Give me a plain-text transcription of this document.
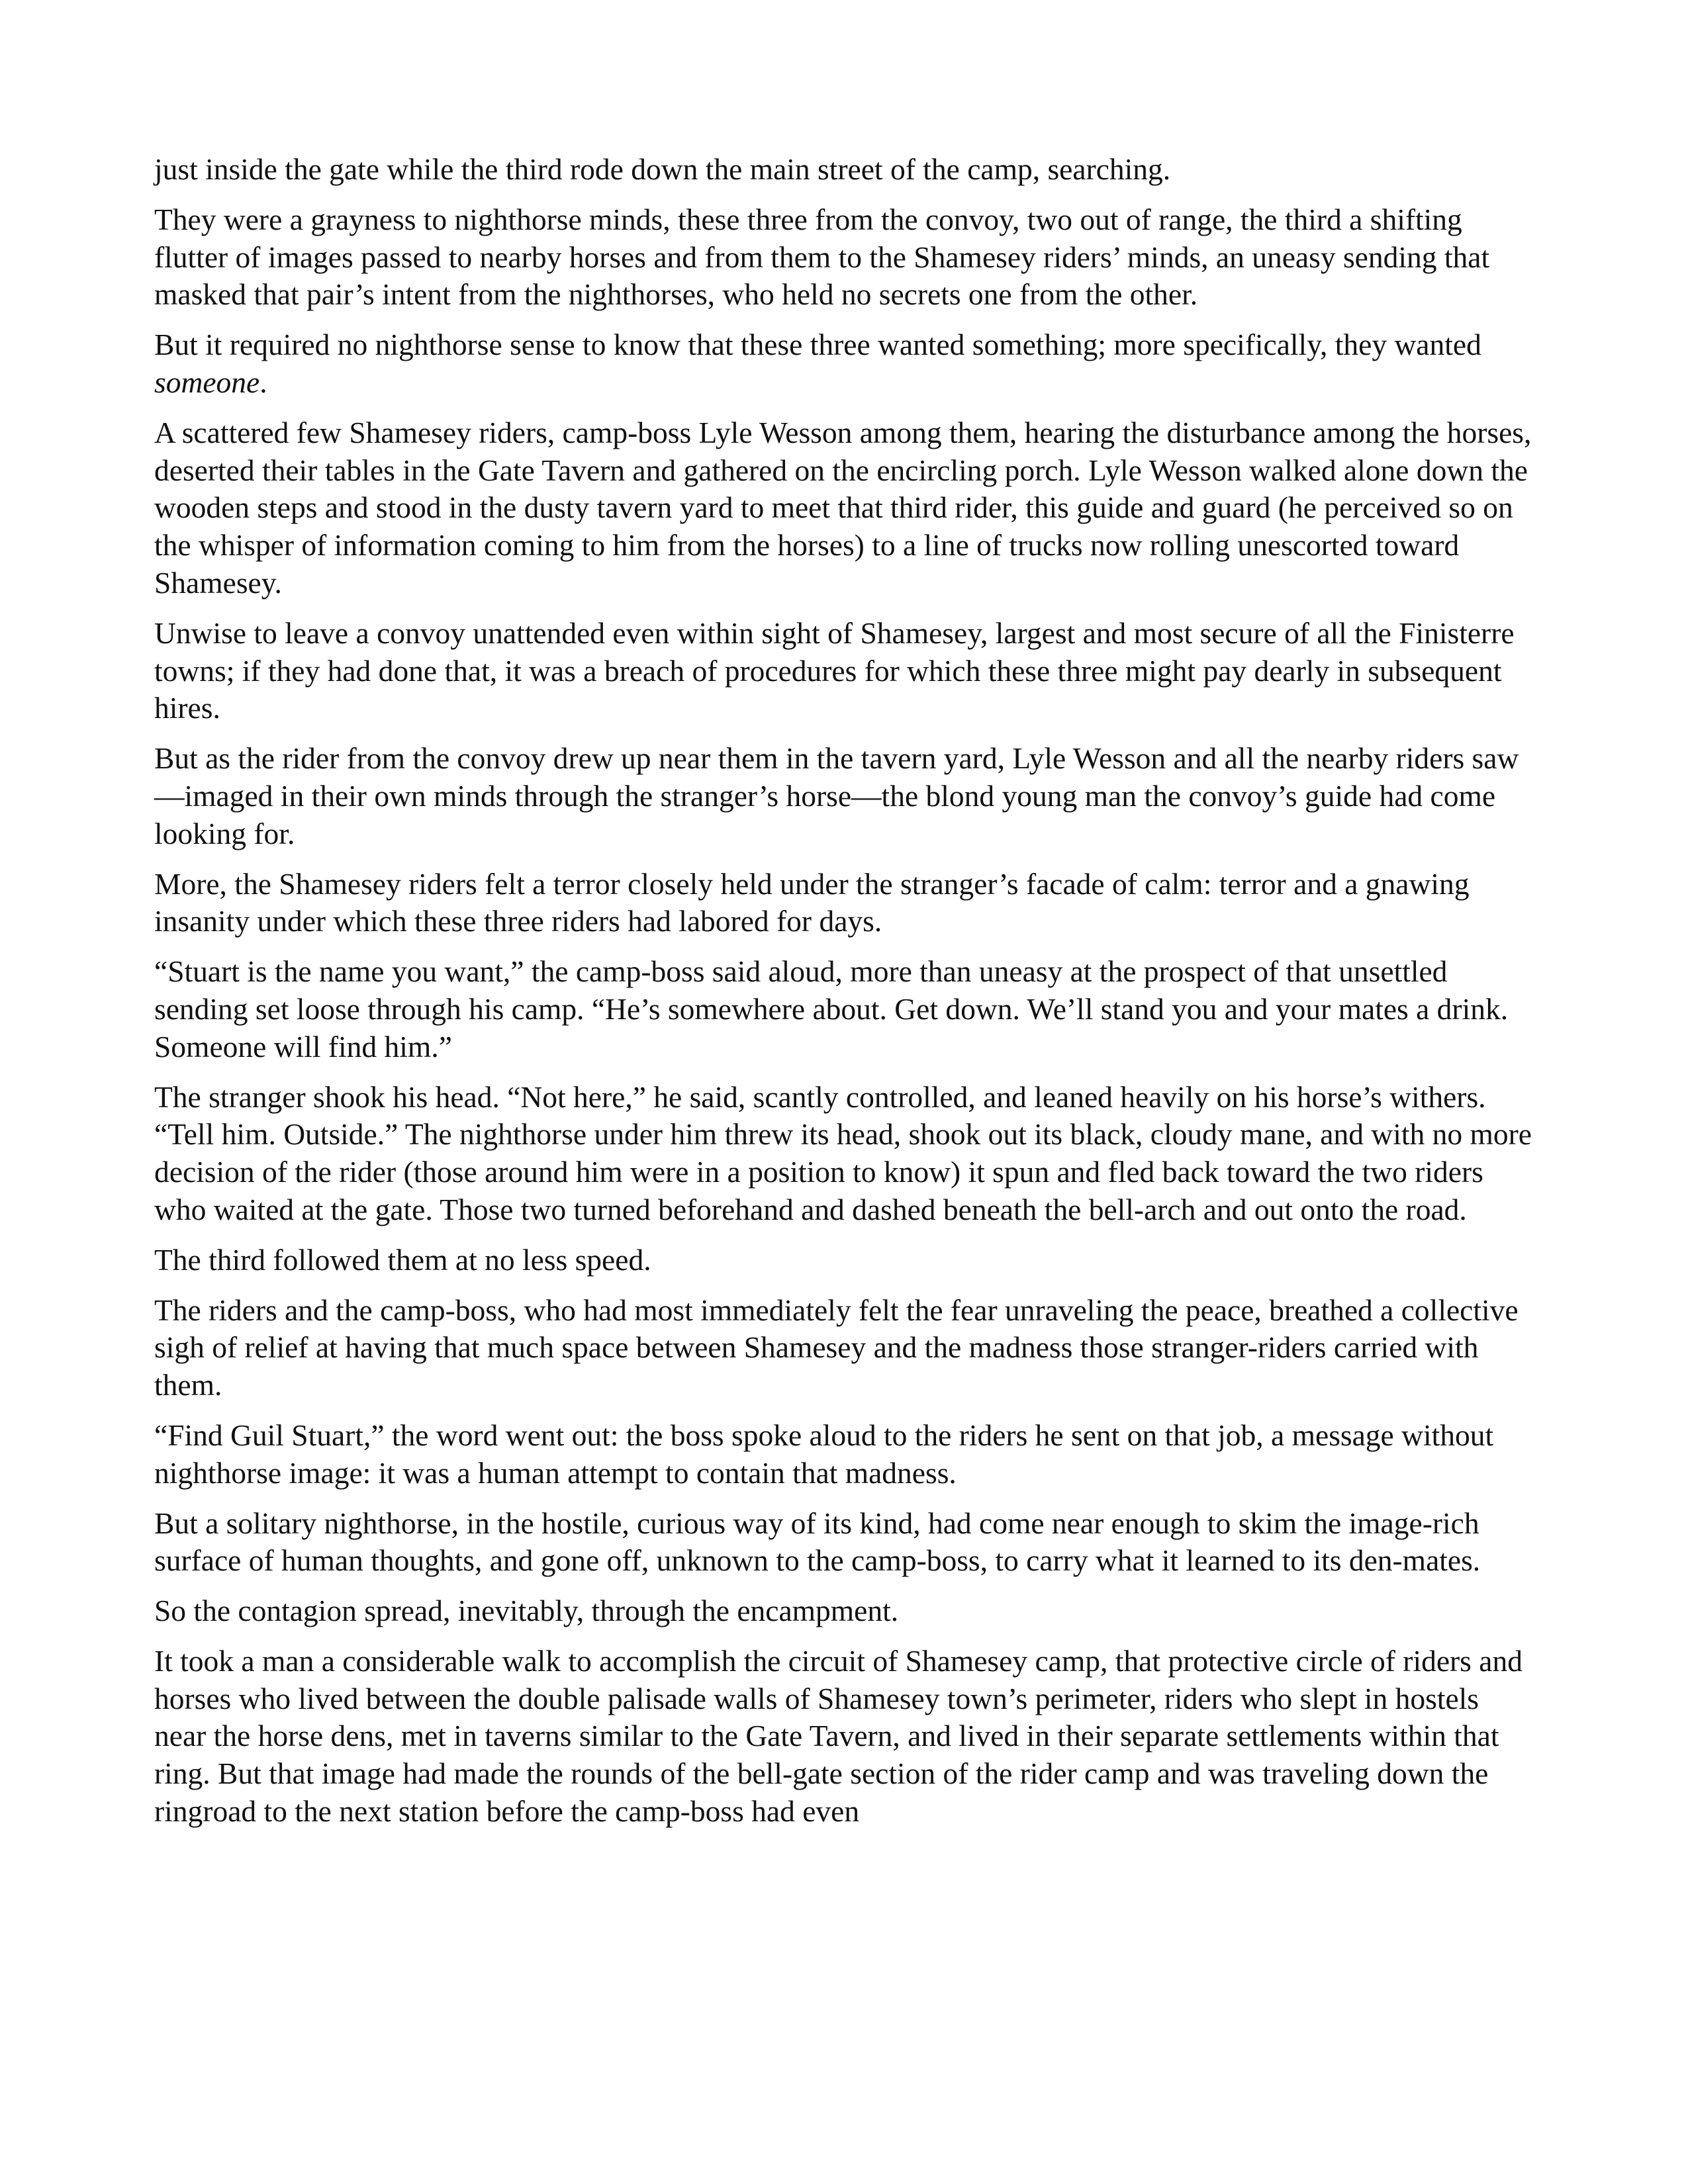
just inside the gate while the third rode down the main street of the camp, searching.

They were a grayness to nighthorse minds, these three from the convoy, two out of range, the third a shifting flutter of images passed to nearby horses and from them to the Shamesey riders’ minds, an uneasy sending that masked that pair’s intent from the nighthorses, who held no secrets one from the other.

But it required no nighthorse sense to know that these three wanted something; more specifically, they wanted someone.

A scattered few Shamesey riders, camp-boss Lyle Wesson among them, hearing the disturbance among the horses, deserted their tables in the Gate Tavern and gathered on the encircling porch. Lyle Wesson walked alone down the wooden steps and stood in the dusty tavern yard to meet that third rider, this guide and guard (he perceived so on the whisper of information coming to him from the horses) to a line of trucks now rolling unescorted toward Shamesey.

Unwise to leave a convoy unattended even within sight of Shamesey, largest and most secure of all the Finisterre towns; if they had done that, it was a breach of procedures for which these three might pay dearly in subsequent hires.

But as the rider from the convoy drew up near them in the tavern yard, Lyle Wesson and all the nearby riders saw—imaged in their own minds through the stranger’s horse—the blond young man the convoy’s guide had come looking for.

More, the Shamesey riders felt a terror closely held under the stranger’s facade of calm: terror and a gnawing insanity under which these three riders had labored for days.

“Stuart is the name you want,” the camp-boss said aloud, more than uneasy at the prospect of that unsettled sending set loose through his camp. “He’s somewhere about. Get down. We’ll stand you and your mates a drink. Someone will find him.”

The stranger shook his head. “Not here,” he said, scantly controlled, and leaned heavily on his horse’s withers. “Tell him. Outside.” The nighthorse under him threw its head, shook out its black, cloudy mane, and with no more decision of the rider (those around him were in a position to know) it spun and fled back toward the two riders who waited at the gate. Those two turned beforehand and dashed beneath the bell-arch and out onto the road.

The third followed them at no less speed.

The riders and the camp-boss, who had most immediately felt the fear unraveling the peace, breathed a collective sigh of relief at having that much space between Shamesey and the madness those stranger-riders carried with them.

“Find Guil Stuart,” the word went out: the boss spoke aloud to the riders he sent on that job, a message without nighthorse image: it was a human attempt to contain that madness.

But a solitary nighthorse, in the hostile, curious way of its kind, had come near enough to skim the image-rich surface of human thoughts, and gone off, unknown to the camp-boss, to carry what it learned to its den-mates.

So the contagion spread, inevitably, through the encampment.

It took a man a considerable walk to accomplish the circuit of Shamesey camp, that protective circle of riders and horses who lived between the double palisade walls of Shamesey town’s perimeter, riders who slept in hostels near the horse dens, met in taverns similar to the Gate Tavern, and lived in their separate settlements within that ring. But that image had made the rounds of the bell-gate section of the rider camp and was traveling down the ringroad to the next station before the camp-boss had even
